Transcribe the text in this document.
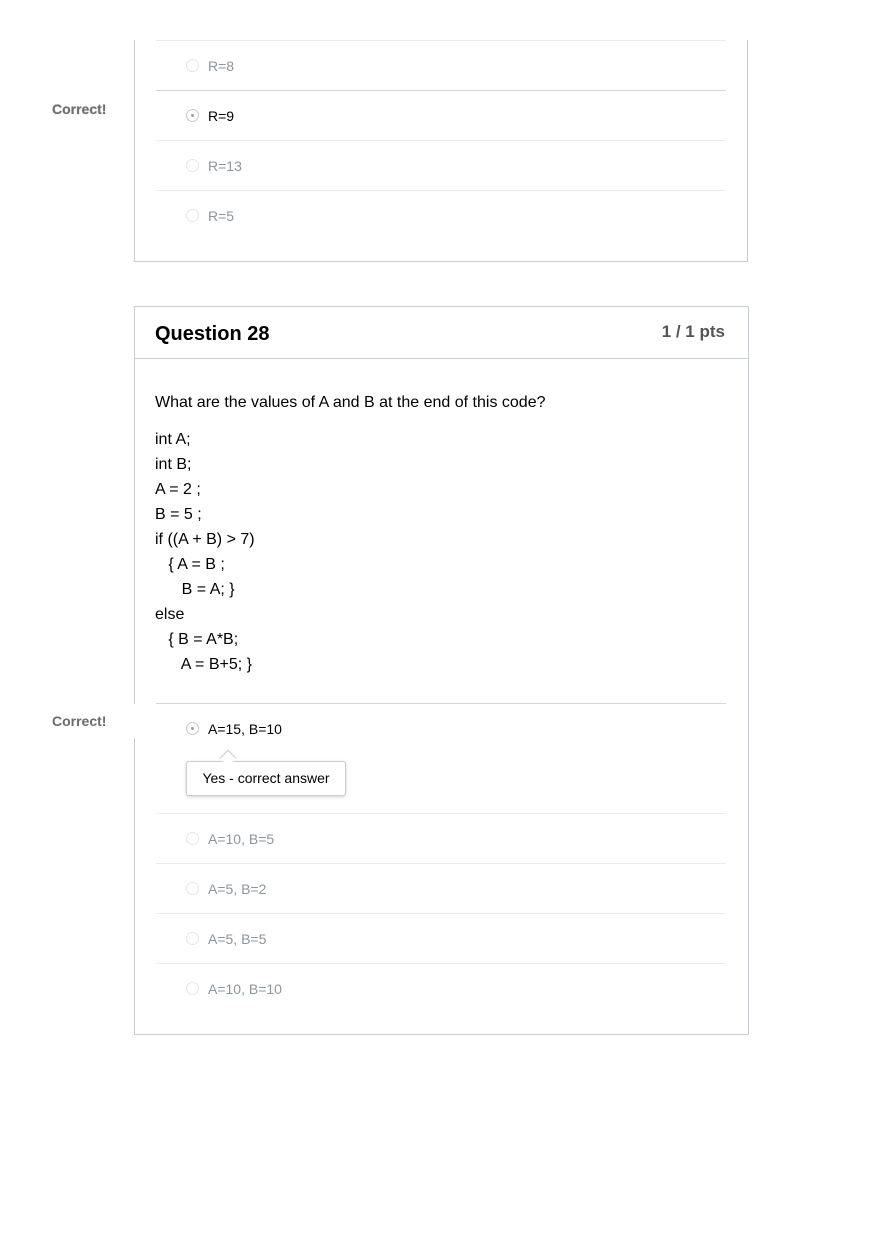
Correct!
R=8
R=9
R=13
R=5
Question 28	1 / 1 pts
What are the values of A and B at the end of this code?
int A;
int B;
A = 2 ;
B = 5 ;
if ((A + B) > 7)
{ A = B ;
B = A; }
else
{ B = A*B;
A = B+5; }
Correct!	A=15, B=10
Yes - correct answer
A=10, B=5
A=5, B=2
A=5, B=5
A=10, B=10
